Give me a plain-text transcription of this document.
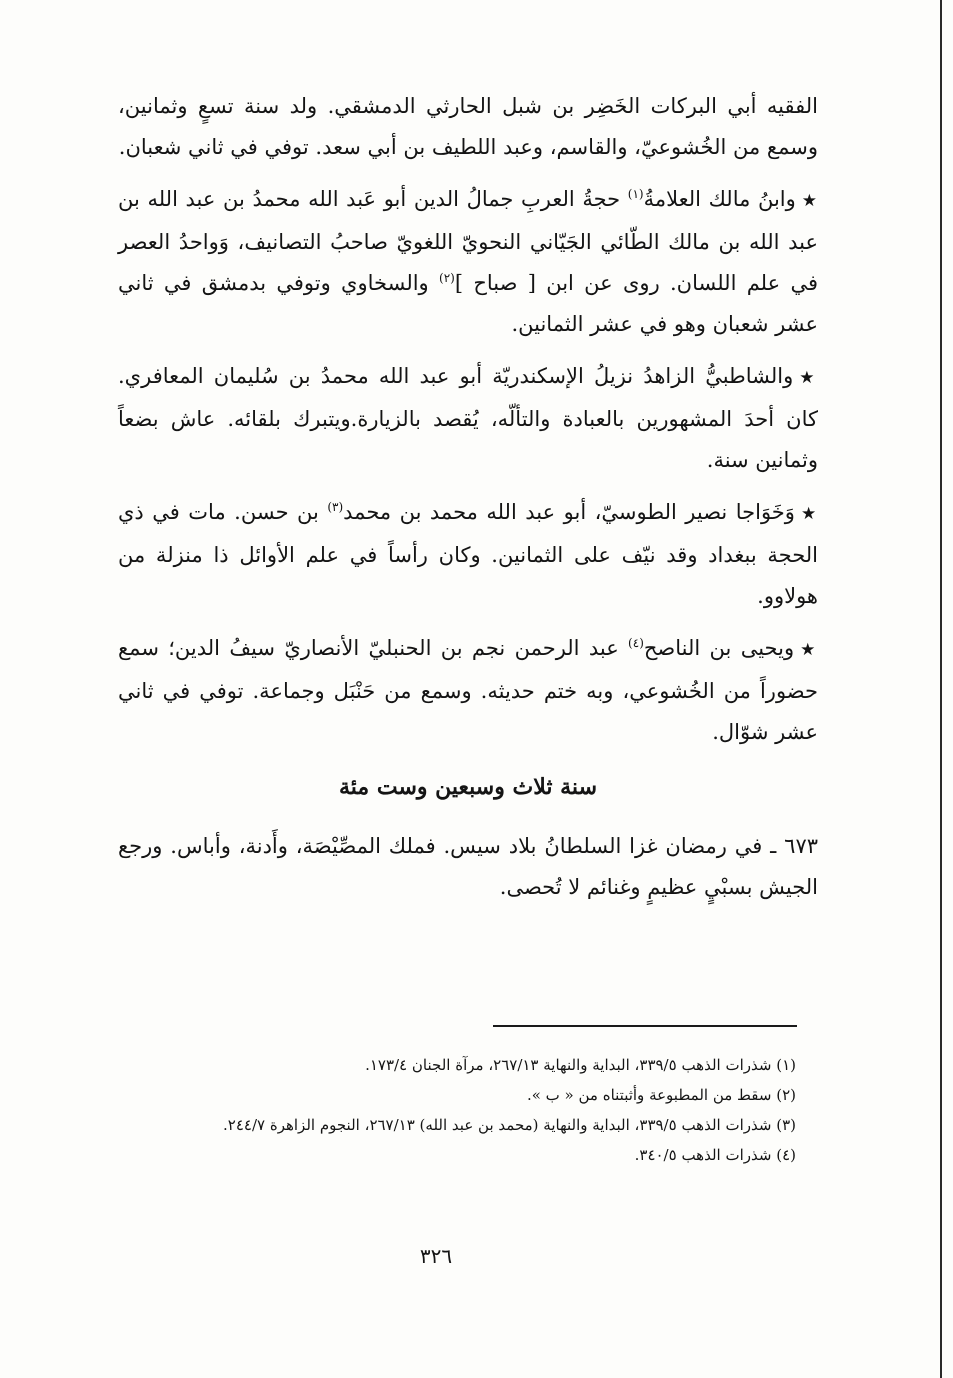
الفقيه أبي البركات الخَضِر بن شبل الحارثي الدمشقي. ولد سنة تسعٍ وثمانين، وسمع من الخُشوعيّ، والقاسم، وعبد اللطيف بن أبي سعد. توفي في ثاني شعبان.

★وابنُ مالك العلامةُ$^{(١)}$ حجةُ العربِ جمالُ الدين أبو عَبد الله محمدُ بن عبد الله بن عبد الله بن مالك الطّائي الجَيّاني النحويّ اللغويّ صاحبُ التصانيف، وَواحدُ العصر في علم اللسان. روى عن ابن [ صباح ]$^{(٢)}$ والسخاوي وتوفي بدمشق في ثاني عشر شعبان وهو في عشر الثمانين.

★والشاطبيُّ الزاهدُ نزيلُ الإسكندريّة أبو عبد الله محمدُ بن سُليمان المعافري. كان أحدَ المشهورين بالعبادة والتألّه، يُقصد بالزيارة.ويتبرك بلقائه. عاش بضعاً وثمانين سنة.

★وَخَوَاجا نصير الطوسيّ، أبو عبد الله محمد بن محمد$^{(٣)}$ بن حسن. مات في ذي الحجة ببغداد وقد نيّف على الثمانين. وكان رأساً في علم الأوائل ذا منزلة من هولاوو.

★ويحيى بن الناصح$^{(٤)}$ عبد الرحمن نجم بن الحنبليّ الأنصاريّ سيفُ الدين؛ سمع حضوراً من الخُشوعي، وبه ختم حديثه. وسمع من حَنْبَل وجماعة. توفي في ثاني عشر شوّال.

سنة ثلاث وسبعين وست مئة

٦٧٣ ـ في رمضان غزا السلطانُ بلاد سيس. فملك المصِّيْصَة، وأَدنة، وأباس. ورجع الجيش بسبْيٍ عظيمٍ وغنائم لا تُحصى.

(١) شذرات الذهب ٣٣٩/٥، البداية والنهاية ٢٦٧/١٣، مرآة الجنان ١٧٣/٤.

(٢) سقط من المطبوعة وأثبتناه من « ب ».

(٣) شذرات الذهب ٣٣٩/٥، البداية والنهاية (محمد بن عبد الله) ٢٦٧/١٣، النجوم الزاهرة ٢٤٤/٧.

(٤) شذرات الذهب ٣٤٠/٥.

٣٢٦
